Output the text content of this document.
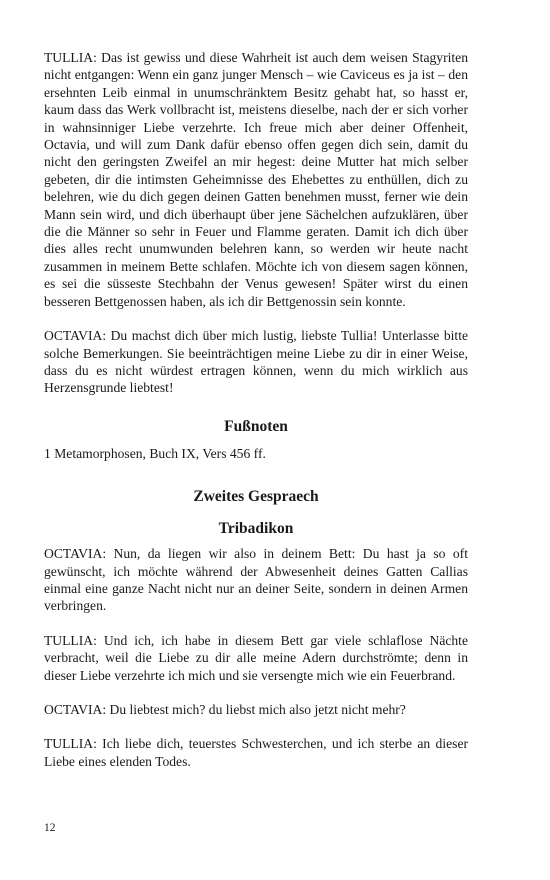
TULLIA: Das ist gewiss und diese Wahrheit ist auch dem weisen Stagyriten nicht entgangen: Wenn ein ganz junger Mensch – wie Caviceus es ja ist – den ersehnten Leib einmal in unumschränktem Besitz gehabt hat, so hasst er, kaum dass das Werk vollbracht ist, meistens dieselbe, nach der er sich vorher in wahnsinniger Liebe verzehrte. Ich freue mich aber deiner Offenheit, Octavia, und will zum Dank dafür ebenso offen gegen dich sein, damit du nicht den geringsten Zweifel an mir hegest: deine Mutter hat mich selber gebeten, dir die intimsten Geheimnisse des Ehebettes zu enthüllen, dich zu belehren, wie du dich gegen deinen Gatten benehmen musst, ferner wie dein Mann sein wird, und dich überhaupt über jene Sächelchen aufzuklären, über die die Männer so sehr in Feuer und Flamme geraten. Damit ich dich über dies alles recht unumwunden belehren kann, so werden wir heute nacht zusammen in meinem Bette schlafen. Möchte ich von diesem sagen können, es sei die süsseste Stechbahn der Venus gewesen! Später wirst du einen besseren Bettgenossen haben, als ich dir Bettgenossin sein konnte.

OCTAVIA: Du machst dich über mich lustig, liebste Tullia! Unterlasse bitte solche Bemerkungen. Sie beeinträchtigen meine Liebe zu dir in einer Weise, dass du es nicht würdest ertragen können, wenn du mich wirklich aus Herzensgrunde liebtest!

Fußnoten

1 Metamorphosen, Buch IX, Vers 456 ff.

Zweites Gespraech
Tribadikon

OCTAVIA: Nun, da liegen wir also in deinem Bett: Du hast ja so oft gewünscht, ich möchte während der Abwesenheit deines Gatten Callias einmal eine ganze Nacht nicht nur an deiner Seite, sondern in deinen Armen verbringen.

TULLIA: Und ich, ich habe in diesem Bett gar viele schlaflose Nächte verbracht, weil die Liebe zu dir alle meine Adern durchströmte; denn in dieser Liebe verzehrte ich mich und sie versengte mich wie ein Feuerbrand.

OCTAVIA: Du liebtest mich? du liebst mich also jetzt nicht mehr?

TULLIA: Ich liebe dich, teuerstes Schwesterchen, und ich sterbe an dieser Liebe eines elenden Todes.

12
